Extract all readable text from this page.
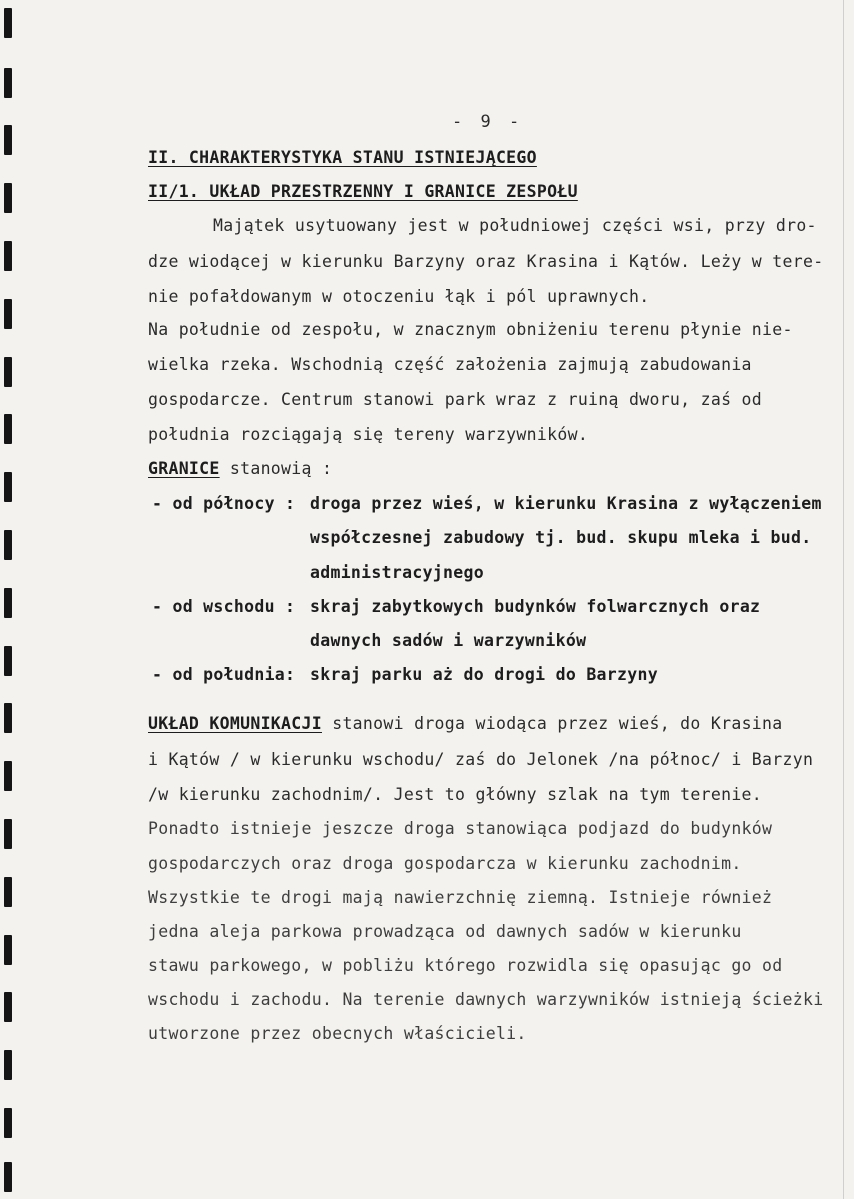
- 9 -
II. CHARAKTERYSTYKA STANU ISTNIEJĄCEGO
II/1. UKŁAD PRZESTRZENNY I GRANICE ZESPOŁU
Majątek usytuowany jest w południowej części wsi, przy dro-
dze wiodącej w kierunku Barzyny oraz Krasina i Kątów. Leży w tere-
nie pofałdowanym w otoczeniu łąk i pól uprawnych.
Na południe od zespołu, w znacznym obniżeniu terenu płynie nie-
wielka rzeka. Wschodnią część założenia zajmują zabudowania
gospodarcze. Centrum stanowi park wraz z ruiną dworu, zaś od
południa rozciągają się tereny warzywników.
GRANICE stanowią :
- od północy : droga przez wieś, w kierunku Krasina z wyłączeniem
współczesnej zabudowy tj. bud. skupu mleka i bud.
administracyjnego
- od wschodu : skraj zabytkowych budynków folwarcznych oraz
dawnych sadów i warzywników
- od południa: skraj parku aż do drogi do Barzyny
UKŁAD KOMUNIKACJI stanowi droga wiodąca przez wieś, do Krasina
i Kątów / w kierunku wschodu/ zaś do Jelonek /na północ/ i Barzyn
/w kierunku zachodnim/. Jest to główny szlak na tym terenie.
Ponadto istnieje jeszcze droga stanowiąca podjazd do budynków
gospodarczych oraz droga gospodarcza w kierunku zachodnim.
Wszystkie te drogi mają nawierzchnię ziemną. Istnieje również
jedna aleja parkowa prowadząca od dawnych sadów w kierunku
stawu parkowego, w pobliżu którego rozwidla się opasując go od
wschodu i zachodu. Na terenie dawnych warzywników istnieją ścieżki
utworzone przez obecnych właścicieli.
